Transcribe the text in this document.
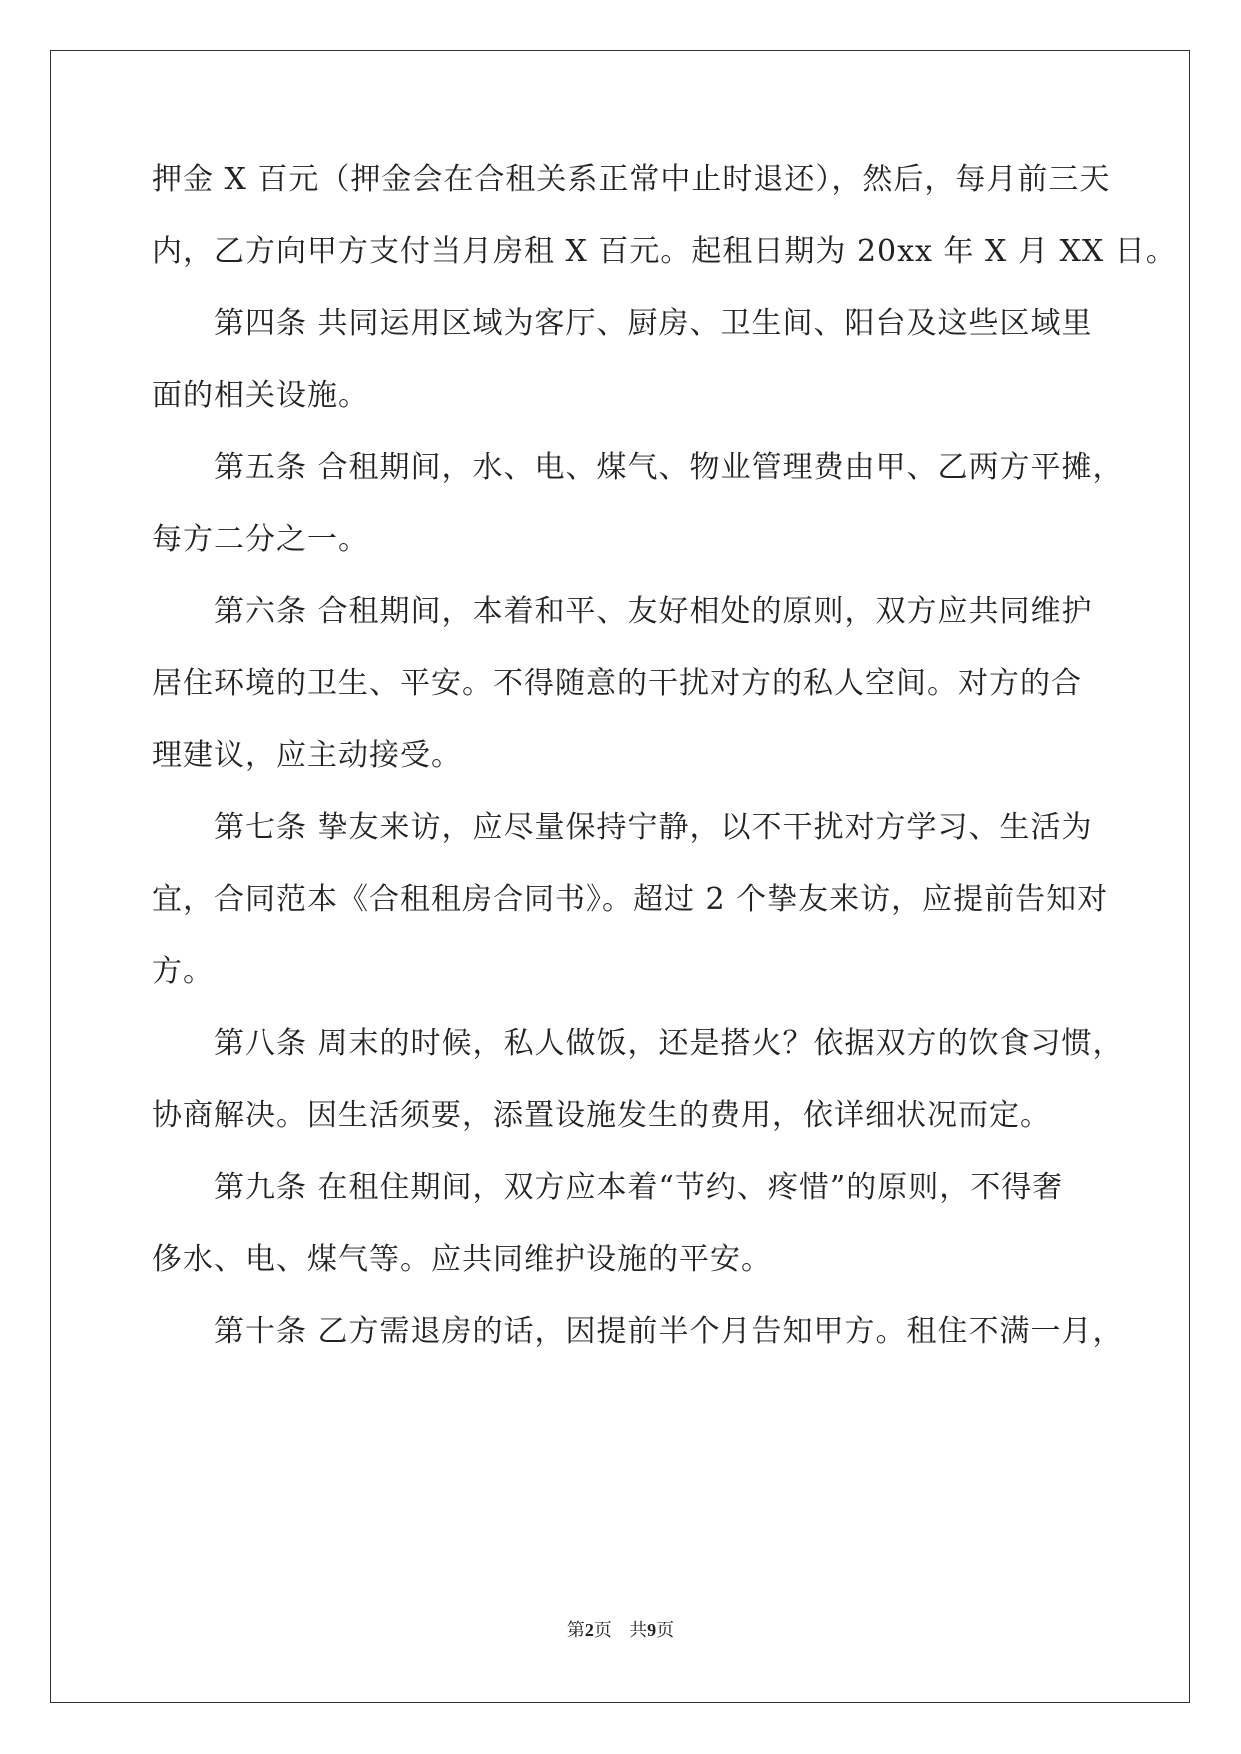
押金 X 百元（押金会在合租关系正常中止时退还），然后，每月前三天
内，乙方向甲方支付当月房租 X 百元。起租日期为 20xx 年 X 月 XX 日。
第四条 共同运用区域为客厅、厨房、卫生间、阳台及这些区域里
面的相关设施。
第五条 合租期间，水、电、煤气、物业管理费由甲、乙两方平摊，
每方二分之一。
第六条 合租期间，本着和平、友好相处的原则，双方应共同维护
居住环境的卫生、平安。不得随意的干扰对方的私人空间。对方的合
理建议，应主动接受。
第七条 挚友来访，应尽量保持宁静，以不干扰对方学习、生活为
宜，合同范本《合租租房合同书》。超过 2 个挚友来访，应提前告知对
方。
第八条 周末的时候，私人做饭，还是搭火？依据双方的饮食习惯，
协商解决。因生活须要，添置设施发生的费用，依详细状况而定。
第九条 在租住期间，双方应本着“节约、疼惜”的原则，不得奢
侈水、电、煤气等。应共同维护设施的平安。
第十条 乙方需退房的话，因提前半个月告知甲方。租住不满一月，
第2页 共9页
